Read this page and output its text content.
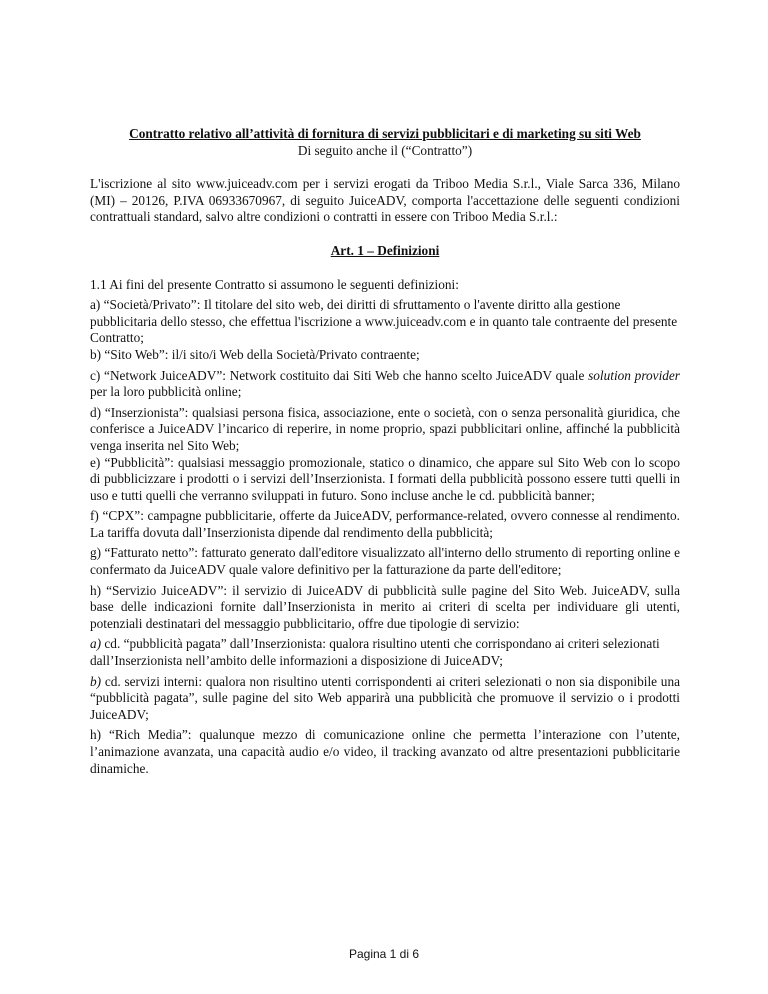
Contratto relativo all’attività di fornitura di servizi pubblicitari e di marketing su siti Web
Di seguito anche il (“Contratto”)

L'iscrizione al sito www.juiceadv.com per i servizi erogati da Triboo Media S.r.l., Viale Sarca 336, Milano (MI) – 20126, P.IVA 06933670967, di seguito JuiceADV, comporta l'accettazione delle seguenti condizioni contrattuali standard, salvo altre condizioni o contratti in essere con Triboo Media S.r.l.:

Art. 1 – Definizioni

1.1 Ai fini del presente Contratto si assumono le seguenti definizioni:

a) “Società/Privato”: Il titolare del sito web, dei diritti di sfruttamento o l'avente diritto alla gestione pubblicitaria dello stesso, che effettua l'iscrizione a www.juiceadv.com e in quanto tale contraente del presente Contratto;

b) “Sito Web”: il/i sito/i Web della Società/Privato contraente;

c) “Network JuiceADV”: Network costituito dai Siti Web che hanno scelto JuiceADV quale solution provider per la loro pubblicità online;

d) “Inserzionista”: qualsiasi persona fisica, associazione, ente o società, con o senza personalità giuridica, che conferisce a JuiceADV l’incarico di reperire, in nome proprio, spazi pubblicitari online, affinché la pubblicità venga inserita nel Sito Web;

e) “Pubblicità”: qualsiasi messaggio promozionale, statico o dinamico, che appare sul Sito Web con lo scopo di pubblicizzare i prodotti o i servizi dell’Inserzionista. I formati della pubblicità possono essere tutti quelli in uso e tutti quelli che verranno sviluppati in futuro. Sono incluse anche le cd. pubblicità banner;

f) “CPX”: campagne pubblicitarie, offerte da JuiceADV, performance-related, ovvero connesse al rendimento. La tariffa dovuta dall’Inserzionista dipende dal rendimento della pubblicità;

g) “Fatturato netto”: fatturato generato dall'editore visualizzato all'interno dello strumento di reporting online e confermato da JuiceADV quale valore definitivo per la fatturazione da parte dell'editore;

h) “Servizio JuiceADV”: il servizio di JuiceADV di pubblicità sulle pagine del Sito Web. JuiceADV, sulla base delle indicazioni fornite dall’Inserzionista in merito ai criteri di scelta per individuare gli utenti, potenziali destinatari del messaggio pubblicitario, offre due tipologie di servizio:

a) cd. “pubblicità pagata” dall’Inserzionista: qualora risultino utenti che corrispondano ai criteri selezionati dall’Inserzionista nell’ambito delle informazioni a disposizione di JuiceADV;

b) cd. servizi interni: qualora non risultino utenti corrispondenti ai criteri selezionati o non sia disponibile una “pubblicità pagata”, sulle pagine del sito Web apparirà una pubblicità che promuove il servizio o i prodotti JuiceADV;

h) “Rich Media”: qualunque mezzo di comunicazione online che permetta l’interazione con l’utente, l’animazione avanzata, una capacità audio e/o video, il tracking avanzato od altre presentazioni pubblicitarie dinamiche.

Pagina 1 di 6
